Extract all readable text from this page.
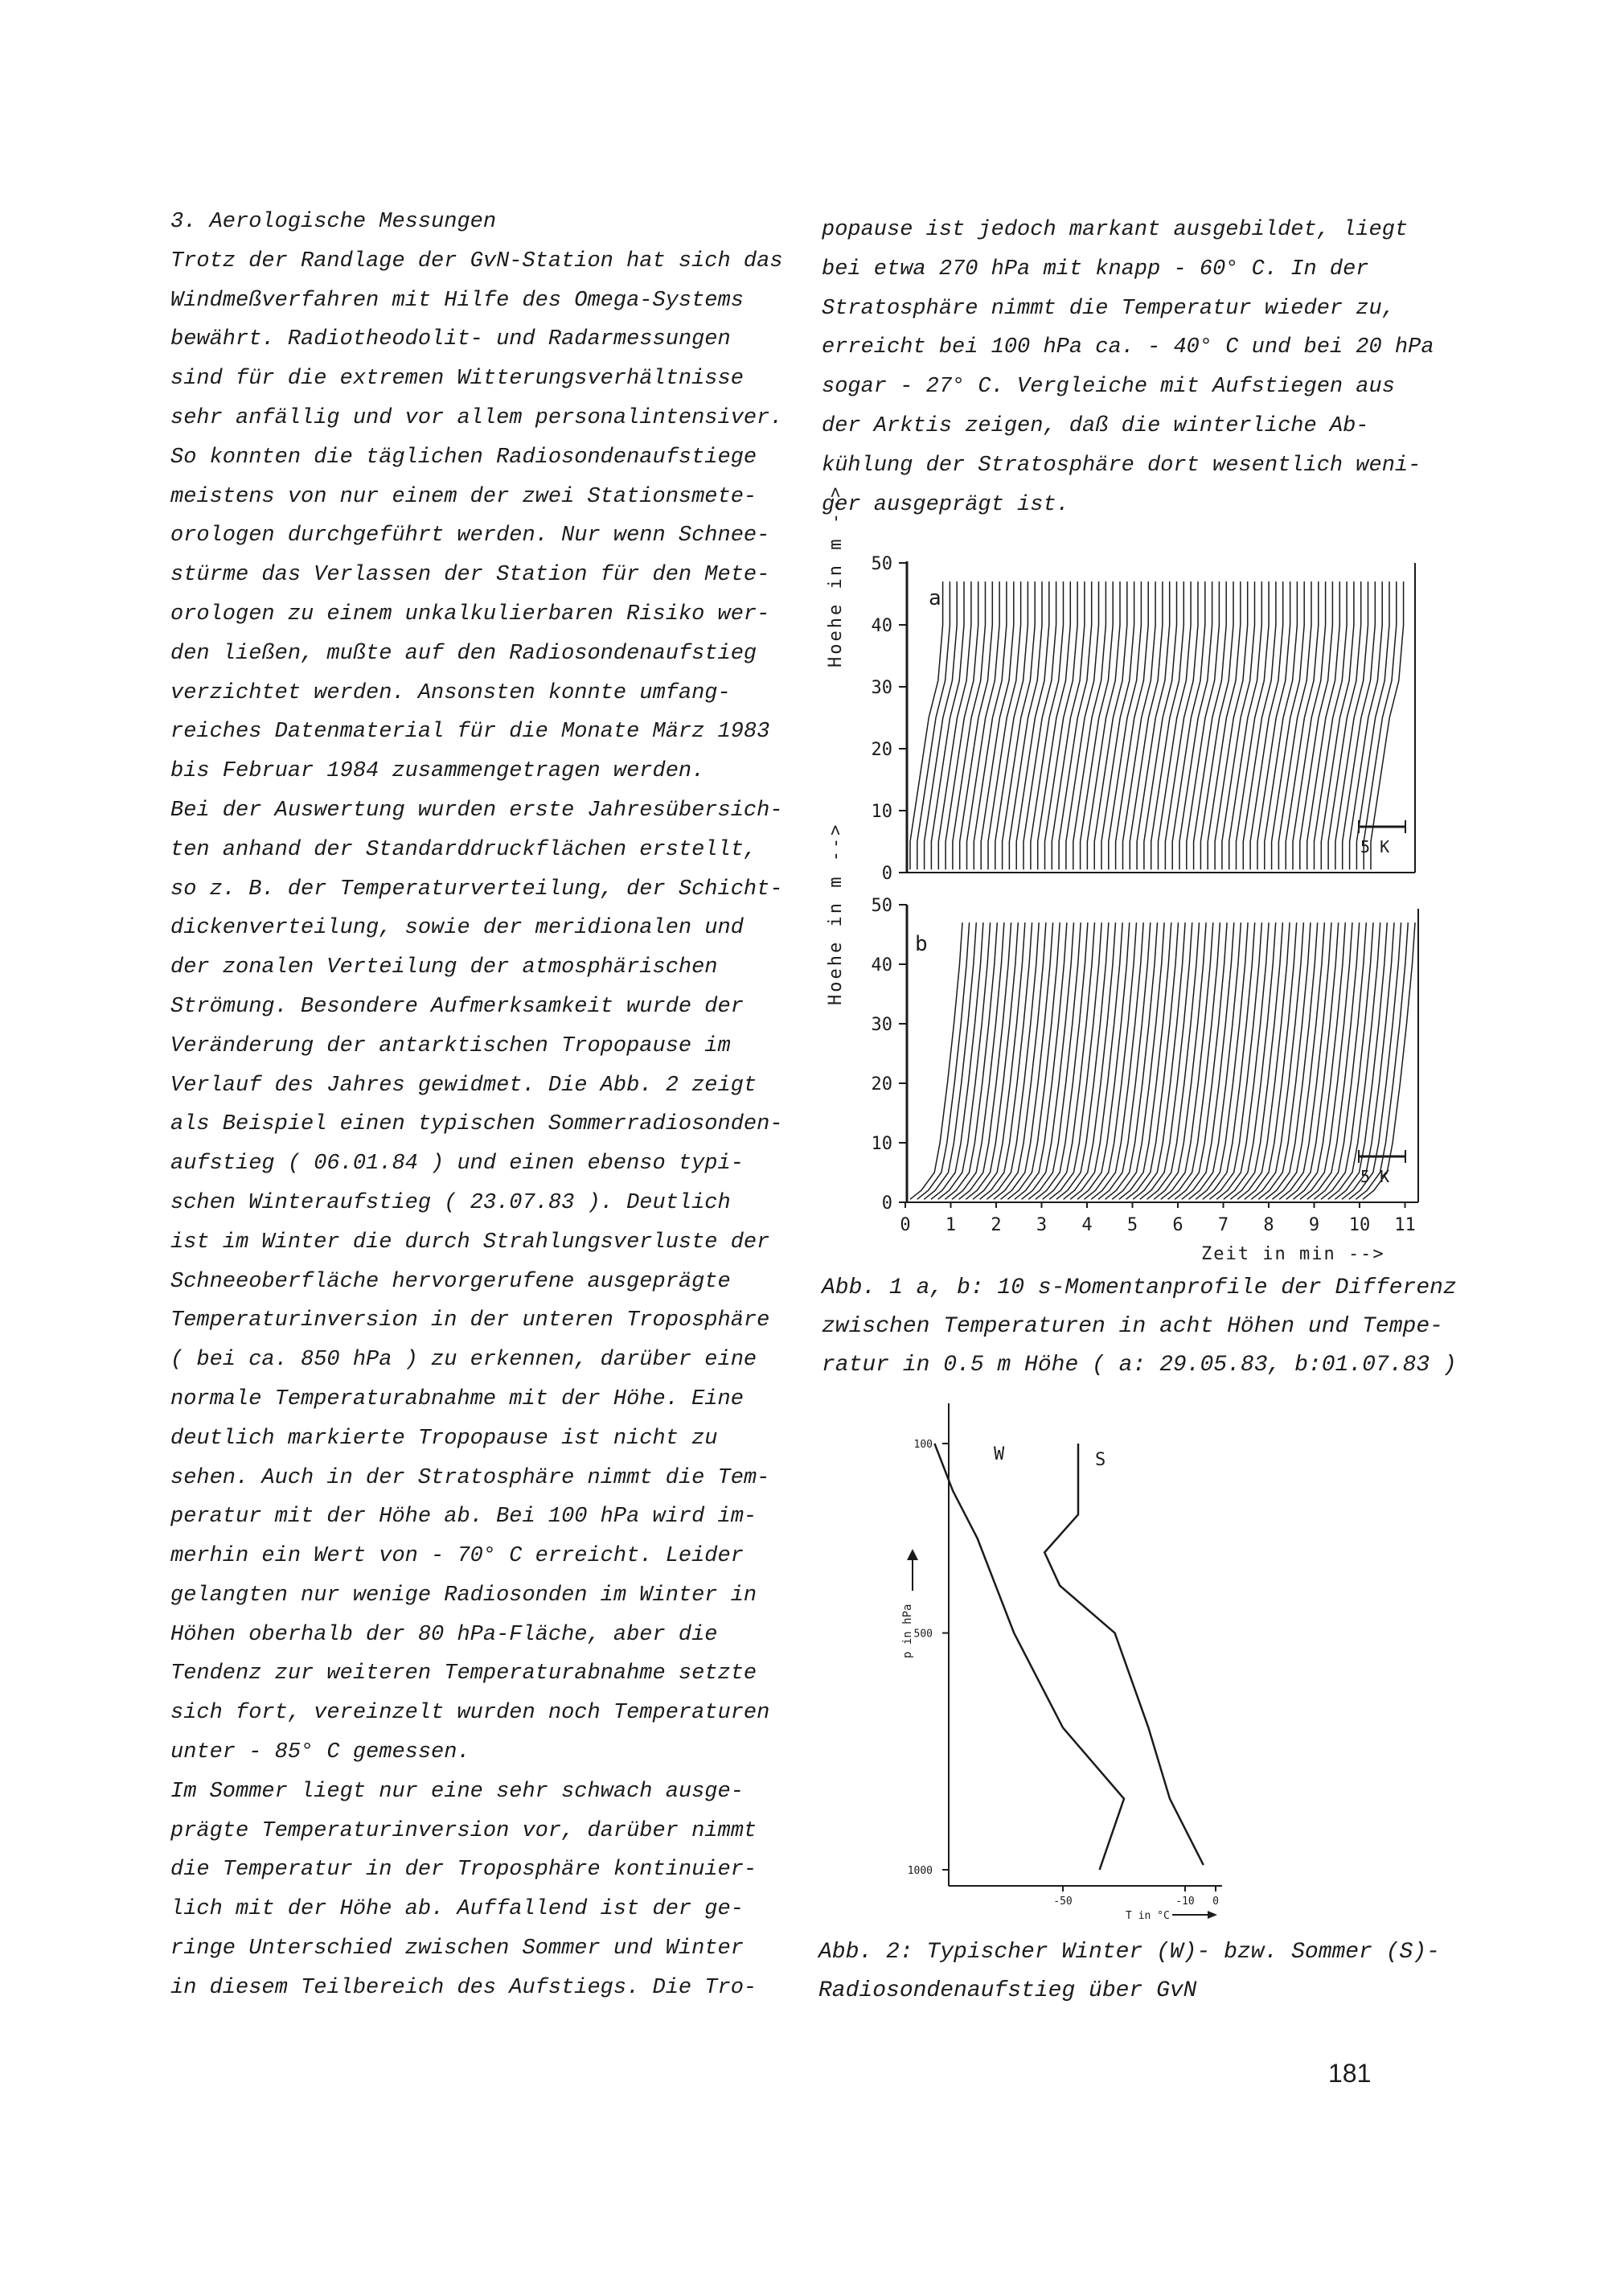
3. Aerologische Messungen

Trotz der Randlage der GvN-Station hat sich das

Windmeßverfahren mit Hilfe des Omega-Systems

bewährt. Radiotheodolit- und Radarmessungen

sind für die extremen Witterungsverhältnisse

sehr anfällig und vor allem personalintensiver.

So konnten die täglichen Radiosondenaufstiege

meistens von nur einem der zwei Stationsmete-

orologen durchgeführt werden. Nur wenn Schnee-

stürme das Verlassen der Station für den Mete-

orologen zu einem unkalkulierbaren Risiko wer-

den ließen, mußte auf den Radiosondenaufstieg

verzichtet werden. Ansonsten konnte umfang-

reiches Datenmaterial für die Monate März 1983

bis Februar 1984 zusammengetragen werden.

Bei der Auswertung wurden erste Jahresübersich-

ten anhand der Standarddruckflächen erstellt,

so z. B. der Temperaturverteilung, der Schicht-

dickenverteilung, sowie der meridionalen und

der zonalen Verteilung der atmosphärischen

Strömung. Besondere Aufmerksamkeit wurde der

Veränderung der antarktischen Tropopause im

Verlauf des Jahres gewidmet. Die Abb. 2 zeigt

als Beispiel einen typischen Sommerradiosonden-

aufstieg ( 06.01.84 ) und einen ebenso typi-

schen Winteraufstieg ( 23.07.83 ). Deutlich

ist im Winter die durch Strahlungsverluste der

Schneeoberfläche hervorgerufene ausgeprägte

Temperaturinversion in der unteren Troposphäre

( bei ca. 850 hPa ) zu erkennen, darüber eine

normale Temperaturabnahme mit der Höhe. Eine

deutlich markierte Tropopause ist nicht zu

sehen. Auch in der Stratosphäre nimmt die Tem-

peratur mit der Höhe ab. Bei 100 hPa wird im-

merhin ein Wert von - 70° C erreicht. Leider

gelangten nur wenige Radiosonden im Winter in

Höhen oberhalb der 80 hPa-Fläche, aber die

Tendenz zur weiteren Temperaturabnahme setzte

sich fort, vereinzelt wurden noch Temperaturen

unter - 85° C gemessen.

Im Sommer liegt nur eine sehr schwach ausge-

prägte Temperaturinversion vor, darüber nimmt

die Temperatur in der Troposphäre kontinuier-

lich mit der Höhe ab. Auffallend ist der ge-

ringe Unterschied zwischen Sommer und Winter

in diesem Teilbereich des Aufstiegs. Die Tro-

popause ist jedoch markant ausgebildet, liegt

bei etwa 270 hPa mit knapp - 60° C. In der

Stratosphäre nimmt die Temperatur wieder zu,

erreicht bei 100 hPa ca. - 40° C und bei 20 hPa

sogar - 27° C. Vergleiche mit Aufstiegen aus

der Arktis zeigen, daß die winterliche Ab-

kühlung der Stratosphäre dort wesentlich weni-

ger ausgeprägt ist.

Hoehe in m -->
Hoehe in m -->
a
0
10
20
30
40
50
5 K
b
0
10
20
30
40
50
0 1 2 3 4 5 6 7 8 9 10 11
5 K
Zeit in min -->
100
500
1000
-50	-10 0
p in hPa
T in °C
W	S
Abb. 1 a, b: 10 s-Momentanprofile der Differenz
zwischen Temperaturen in acht Höhen und Tempe-
ratur in 0.5 m Höhe ( a: 29.05.83, b:01.07.83 )
Abb. 2: Typischer Winter (W)- bzw. Sommer (S)-
Radiosondenaufstieg über GvN
181
